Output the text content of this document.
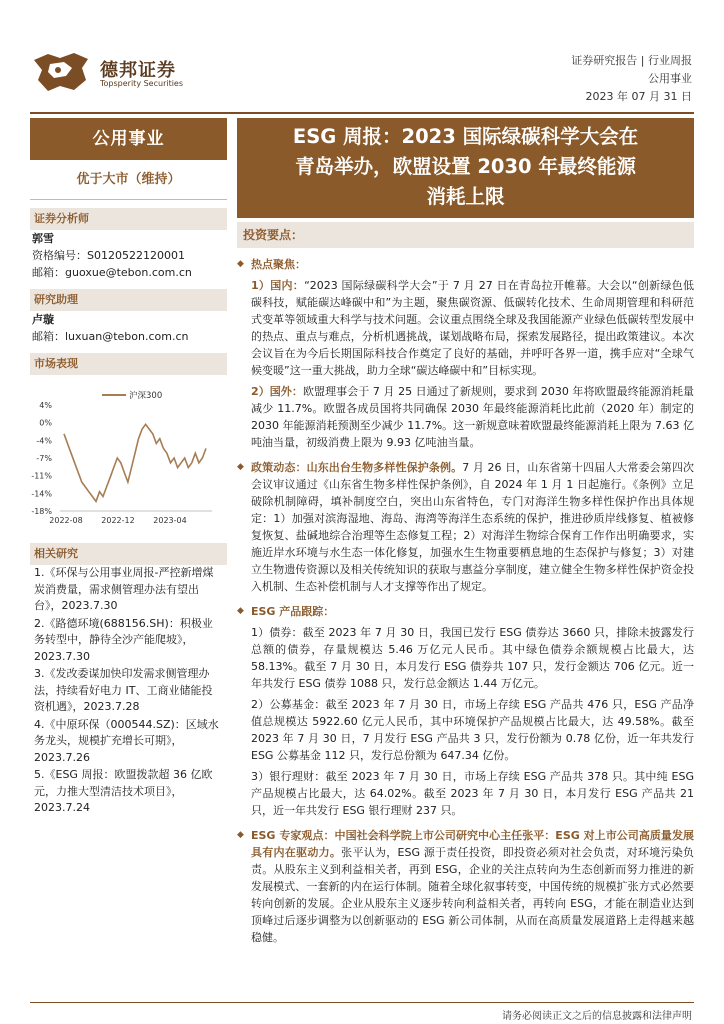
德邦证券
Topsperity Securities
证券研究报告 | 行业周报
公用事业
2023 年 07 月 31 日
公用事业
优于大市（维持）
证券分析师
郭雪
资格编号：S0120522120001
邮箱：guoxue@tebon.com.cn
研究助理
卢璇
邮箱：luxuan@tebon.com.cn
市场表现
4%
0%
-4%
-7%
-11%
-14%
-18%
2022-08 2022-12 2023-04
沪深300
相关研究
1.《环保与公用事业周报-严控新增煤炭消费量，需求侧管理办法有望出台》，2023.7.30
2.《路德环境(688156.SH)：积极业务转型中，静待全沙产能爬坡》，2023.7.30
3.《发改委谋加快印发需求侧管理办法，持续看好电力 IT、工商业储能投资机遇》，2023.7.28
4.《中原环保（000544.SZ)：区域水务龙头，规模扩充增长可期》，2023.7.26
5.《ESG 周报：欧盟拨款超 36 亿欧元，力推大型清洁技术项目》，2023.7.24
ESG 周报：2023 国际绿碳科学大会在
青岛举办，欧盟设置 2030 年最终能源
消耗上限
投资要点：
◆ 热点聚焦：
1）国内：“2023 国际绿碳科学大会”于 7 月 27 日在青岛拉开帷幕。大会以“创新绿色低碳科技，赋能碳达峰碳中和”为主题，聚焦碳资源、低碳转化技术、生命周期管理和科研范式变革等领域重大科学与技术问题。会议重点围绕全球及我国能源产业绿色低碳转型发展中的热点、重点与难点，分析机遇挑战，谋划战略布局，探索发展路径，提出政策建议。本次会议旨在为今后长期国际科技合作奠定了良好的基础，并呼吁各界一道，携手应对“全球气候变暖”这一重大挑战，助力全球“碳达峰碳中和”目标实现。
2）国外：欧盟理事会于 7 月 25 日通过了新规则，要求到 2030 年将欧盟最终能源消耗量减少 11.7%。欧盟各成员国将共同确保 2030 年最终能源消耗比此前（2020 年）制定的 2030 年能源消耗预测至少减少 11.7%。这一新规意味着欧盟最终能源消耗上限为 7.63 亿吨油当量，初级消费上限为 9.93 亿吨油当量。
◆ 政策动态：山东出台生物多样性保护条例。7 月 26 日，山东省第十四届人大常委会第四次会议审议通过《山东省生物多样性保护条例》，自 2024 年 1 月 1 日起施行。《条例》立足破除机制障碍，填补制度空白，突出山东省特色，专门对海洋生物多样性保护作出具体规定：1）加强对滨海湿地、海岛、海湾等海洋生态系统的保护，推进砂质岸线修复、植被修复恢复、盐碱地综合治理等生态修复工程；2）对海洋生物综合保育工作作出明确要求，实施近岸水环境与水生态一体化修复，加强水生生物重要栖息地的生态保护与修复；3）对建立生物遗传资源以及相关传统知识的获取与惠益分享制度，建立健全生物多样性保护资金投入机制、生态补偿机制与人才支撑等作出了规定。
◆ ESG 产品跟踪：
1）债券：截至 2023 年 7 月 30 日，我国已发行 ESG 债券达 3660 只，排除未披露发行总额的债券，存量规模达 5.46 万亿元人民币。其中绿色债券余额规模占比最大，达 58.13%。截至 7 月 30 日，本月发行 ESG 债券共 107 只，发行金额达 706 亿元。近一年共发行 ESG 债券 1088 只，发行总金额达 1.44 万亿元。
2）公募基金：截至 2023 年 7 月 30 日，市场上存续 ESG 产品共 476 只，ESG 产品净值总规模达 5922.60 亿元人民币，其中环境保护产品规模占比最大，达 49.58%。截至 2023 年 7 月 30 日，7 月发行 ESG 产品共 3 只，发行份额为 0.78 亿份，近一年共发行 ESG 公募基金 112 只，发行总份额为 647.34 亿份。
3）银行理财：截至 2023 年 7 月 30 日，市场上存续 ESG 产品共 378 只。其中纯 ESG 产品规模占比最大，达 64.02%。截至 2023 年 7 月 30 日，本月发行 ESG 产品共 21 只，近一年共发行 ESG 银行理财 237 只。
◆ ESG 专家观点：中国社会科学院上市公司研究中心主任张平：ESG 对上市公司高质量发展具有内在驱动力。张平认为，ESG 源于责任投资，即投资必须对社会负责，对环境污染负责。从股东主义到利益相关者，再到 ESG，企业的关注点转向为生态创新而努力推进的新发展模式、一套新的内在运行体制。随着全球化叙事转变，中国传统的规模扩张方式必然要转向创新的发展。企业从股东主义逐步转向利益相关者，再转向 ESG，才能在制造业达到顶峰过后逐步调整为以创新驱动的 ESG 新公司体制，从而在高质量发展道路上走得越来越稳健。
请务必阅读正文之后的信息披露和法律声明
